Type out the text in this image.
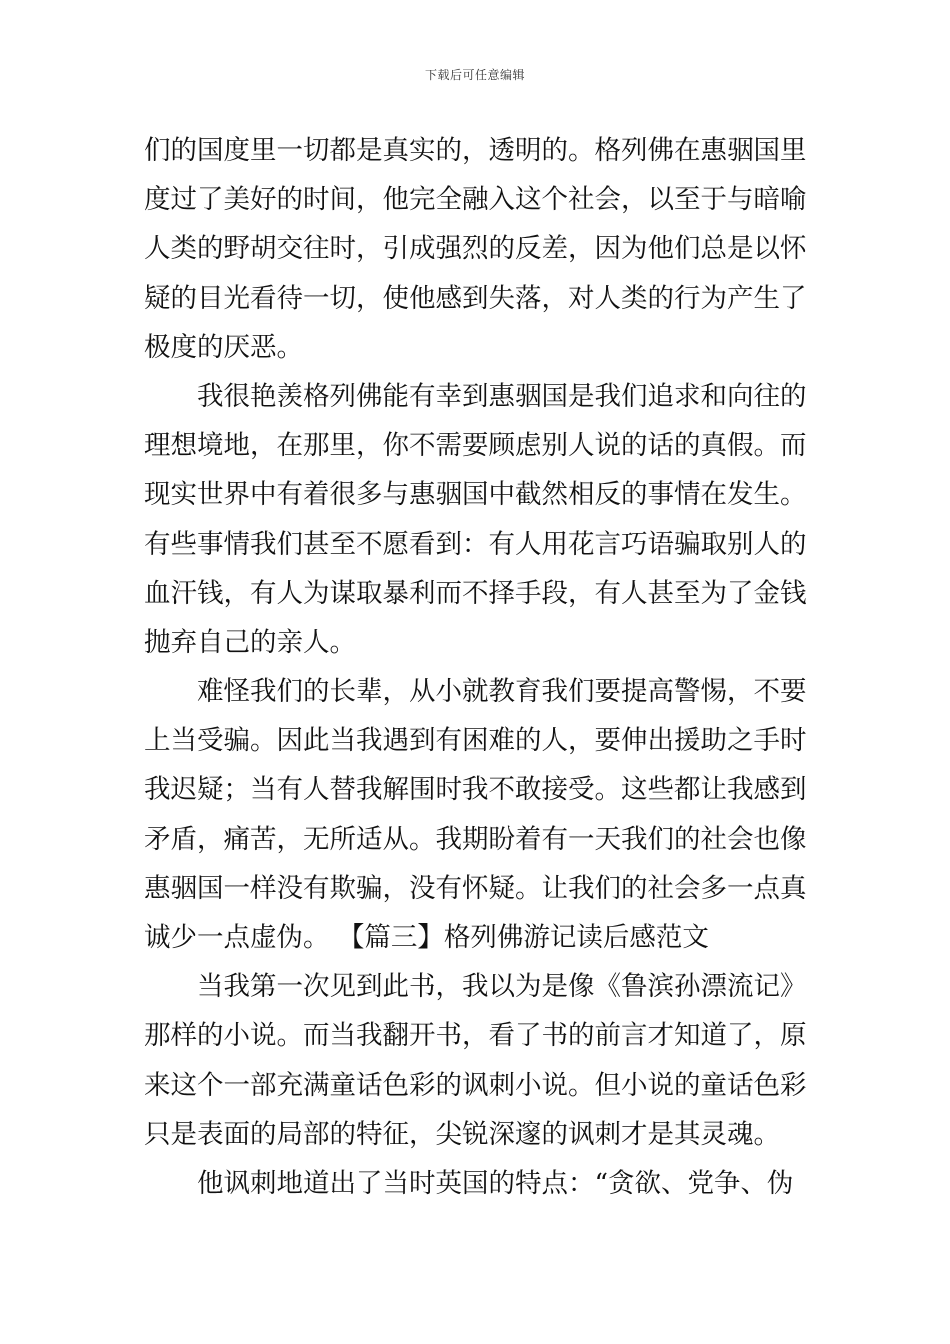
下载后可任意编辑
们的国度里一切都是真实的，透明的。格列佛在惠骃国里
度过了美好的时间，他完全融入这个社会，以至于与暗喻
人类的野胡交往时，引成强烈的反差，因为他们总是以怀
疑的目光看待一切，使他感到失落，对人类的行为产生了
极度的厌恶。
　　我很艳羡格列佛能有幸到惠骃国是我们追求和向往的
理想境地，在那里，你不需要顾虑别人说的话的真假。而
现实世界中有着很多与惠骃国中截然相反的事情在发生。
有些事情我们甚至不愿看到：有人用花言巧语骗取别人的
血汗钱，有人为谋取暴利而不择手段，有人甚至为了金钱
抛弃自己的亲人。
　　难怪我们的长辈，从小就教育我们要提高警惕，不要
上当受骗。因此当我遇到有困难的人，要伸出援助之手时
我迟疑；当有人替我解围时我不敢接受。这些都让我感到
矛盾，痛苦，无所适从。我期盼着有一天我们的社会也像
惠骃国一样没有欺骗，没有怀疑。让我们的社会多一点真
诚少一点虚伪。 【篇三】格列佛游记读后感范文
　　当我第一次见到此书，我以为是像《鲁滨孙漂流记》
那样的小说。而当我翻开书，看了书的前言才知道了，原
来这个一部充满童话色彩的讽刺小说。但小说的童话色彩
只是表面的局部的特征，尖锐深邃的讽刺才是其灵魂。
　　他讽刺地道出了当时英国的特点：“贪欲、党争、伪
